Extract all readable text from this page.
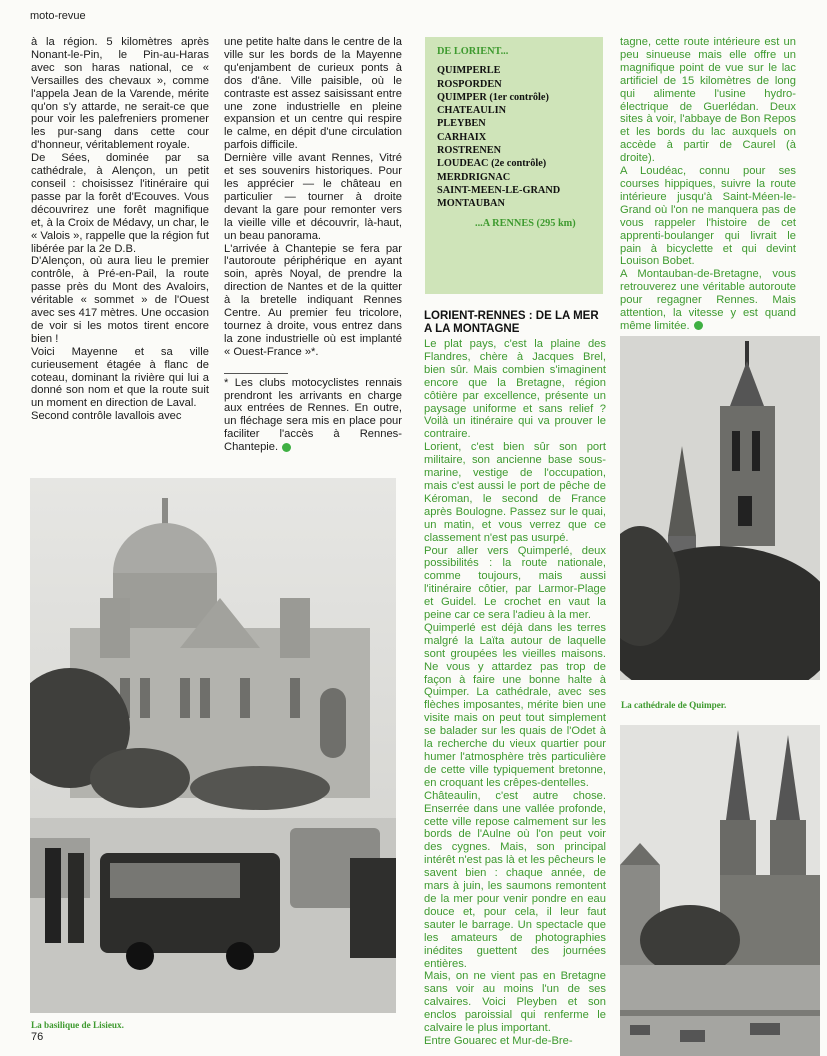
moto-revue

à la région. 5 kilomètres après Nonant-le-Pin, le Pin-au-Haras avec son haras national, ce « Versailles des chevaux », comme l'appela Jean de la Varende, mérite qu'on s'y attarde, ne serait-ce que pour voir les palefreniers promener les pur-sang dans cette cour d'honneur, véritablement royale.

De Sées, dominée par sa cathédrale, à Alençon, un petit conseil : choisissez l'itinéraire qui passe par la forêt d'Ecouves. Vous découvrirez une forêt magnifique et, à la Croix de Médavy, un char, le « Valois », rappelle que la région fut libérée par la 2e D.B.

D'Alençon, où aura lieu le premier contrôle, à Pré-en-Pail, la route passe près du Mont des Avaloirs, véritable « sommet » de l'Ouest avec ses 417 mètres. Une occasion de voir si les motos tirent encore bien !

Voici Mayenne et sa ville curieusement étagée à flanc de coteau, dominant la rivière qui lui a donné son nom et que la route suit un moment en direction de Laval.

Second contrôle lavallois avec

une petite halte dans le centre de la ville sur les bords de la Mayenne qu'enjambent de curieux ponts à dos d'âne. Ville paisible, où le contraste est assez saisissant entre une zone industrielle en pleine expansion et un centre qui respire le calme, en dépit d'une circulation parfois difficile.

Dernière ville avant Rennes, Vitré et ses souvenirs historiques. Pour les apprécier — le château en particulier — tourner à droite devant la gare pour remonter vers la vieille ville et découvrir, là-haut, un beau panorama.

L'arrivée à Chantepie se fera par l'autoroute périphérique en ayant soin, après Noyal, de prendre la direction de Nantes et de la quitter à la bretelle indiquant Rennes Centre. Au premier feu tricolore, tournez à droite, vous entrez dans la zone industrielle où est implanté « Ouest-France »*.

* Les clubs motocyclistes rennais prendront les arrivants en charge aux entrées de Rennes. En outre, un fléchage sera mis en place pour faciliter l'accès à Rennes-Chantepie.

DE LORIENT...
QUIMPERLE
ROSPORDEN
QUIMPER (1er contrôle)
CHATEAULIN
PLEYBEN
CARHAIX
ROSTRENEN
LOUDEAC (2e contrôle)
MERDRIGNAC
SAINT-MEEN-LE-GRAND
MONTAUBAN
...A RENNES (295 km)
LORIENT-RENNES : DE LA MER A LA MONTAGNE

Le plat pays, c'est la plaine des Flandres, chère à Jacques Brel, bien sûr. Mais combien s'imaginent encore que la Bretagne, région côtière par excellence, présente un paysage uniforme et sans relief ? Voilà un itinéraire qui va prouver le contraire.

Lorient, c'est bien sûr son port militaire, son ancienne base sous-marine, vestige de l'occupation, mais c'est aussi le port de pêche de Kéroman, le second de France après Boulogne. Passez sur le quai, un matin, et vous verrez que ce classement n'est pas usurpé.

Pour aller vers Quimperlé, deux possibilités : la route nationale, comme toujours, mais aussi l'itinéraire côtier, par Larmor-Plage et Guidel. Le crochet en vaut la peine car ce sera l'adieu à la mer.

Quimperlé est déjà dans les terres malgré la Laïta autour de laquelle sont groupées les vieilles maisons. Ne vous y attardez pas trop de façon à faire une bonne halte à Quimper. La cathédrale, avec ses flèches imposantes, mérite bien une visite mais on peut tout simplement se balader sur les quais de l'Odet à la recherche du vieux quartier pour humer l'atmosphère très particulière de cette ville typiquement bretonne, en croquant les crêpes-dentelles.

Châteaulin, c'est autre chose. Enserrée dans une vallée profonde, cette ville repose calmement sur les bords de l'Aulne où l'on peut voir des cygnes. Mais, son principal intérêt n'est pas là et les pêcheurs le savent bien : chaque année, de mars à juin, les saumons remontent de la mer pour venir pondre en eau douce et, pour cela, il leur faut sauter le barrage. Un spectacle que les amateurs de photographies inédites guettent des journées entières.

Mais, on ne vient pas en Bretagne sans voir au moins l'un de ses calvaires. Voici Pleyben et son enclos paroissial qui renferme le calvaire le plus important.

Entre Gouarec et Mur-de-Bre-

tagne, cette route intérieure est un peu sinueuse mais elle offre un magnifique point de vue sur le lac artificiel de 15 kilomètres de long qui alimente l'usine hydro-électrique de Guerlédan. Deux sites à voir, l'abbaye de Bon Repos et les bords du lac auxquels on accède à partir de Caurel (à droite).

A Loudéac, connu pour ses courses hippiques, suivre la route intérieure jusqu'à Saint-Méen-le-Grand où l'on ne manquera pas de vous rappeler l'histoire de cet apprenti-boulanger qui livrait le pain à bicyclette et qui devint Louison Bobet.

A Montauban-de-Bretagne, vous retrouverez une véritable autoroute pour regagner Rennes. Mais attention, la vitesse y est quand même limitée.

La basilique de Lisieux.
76
La cathédrale de Quimper.
